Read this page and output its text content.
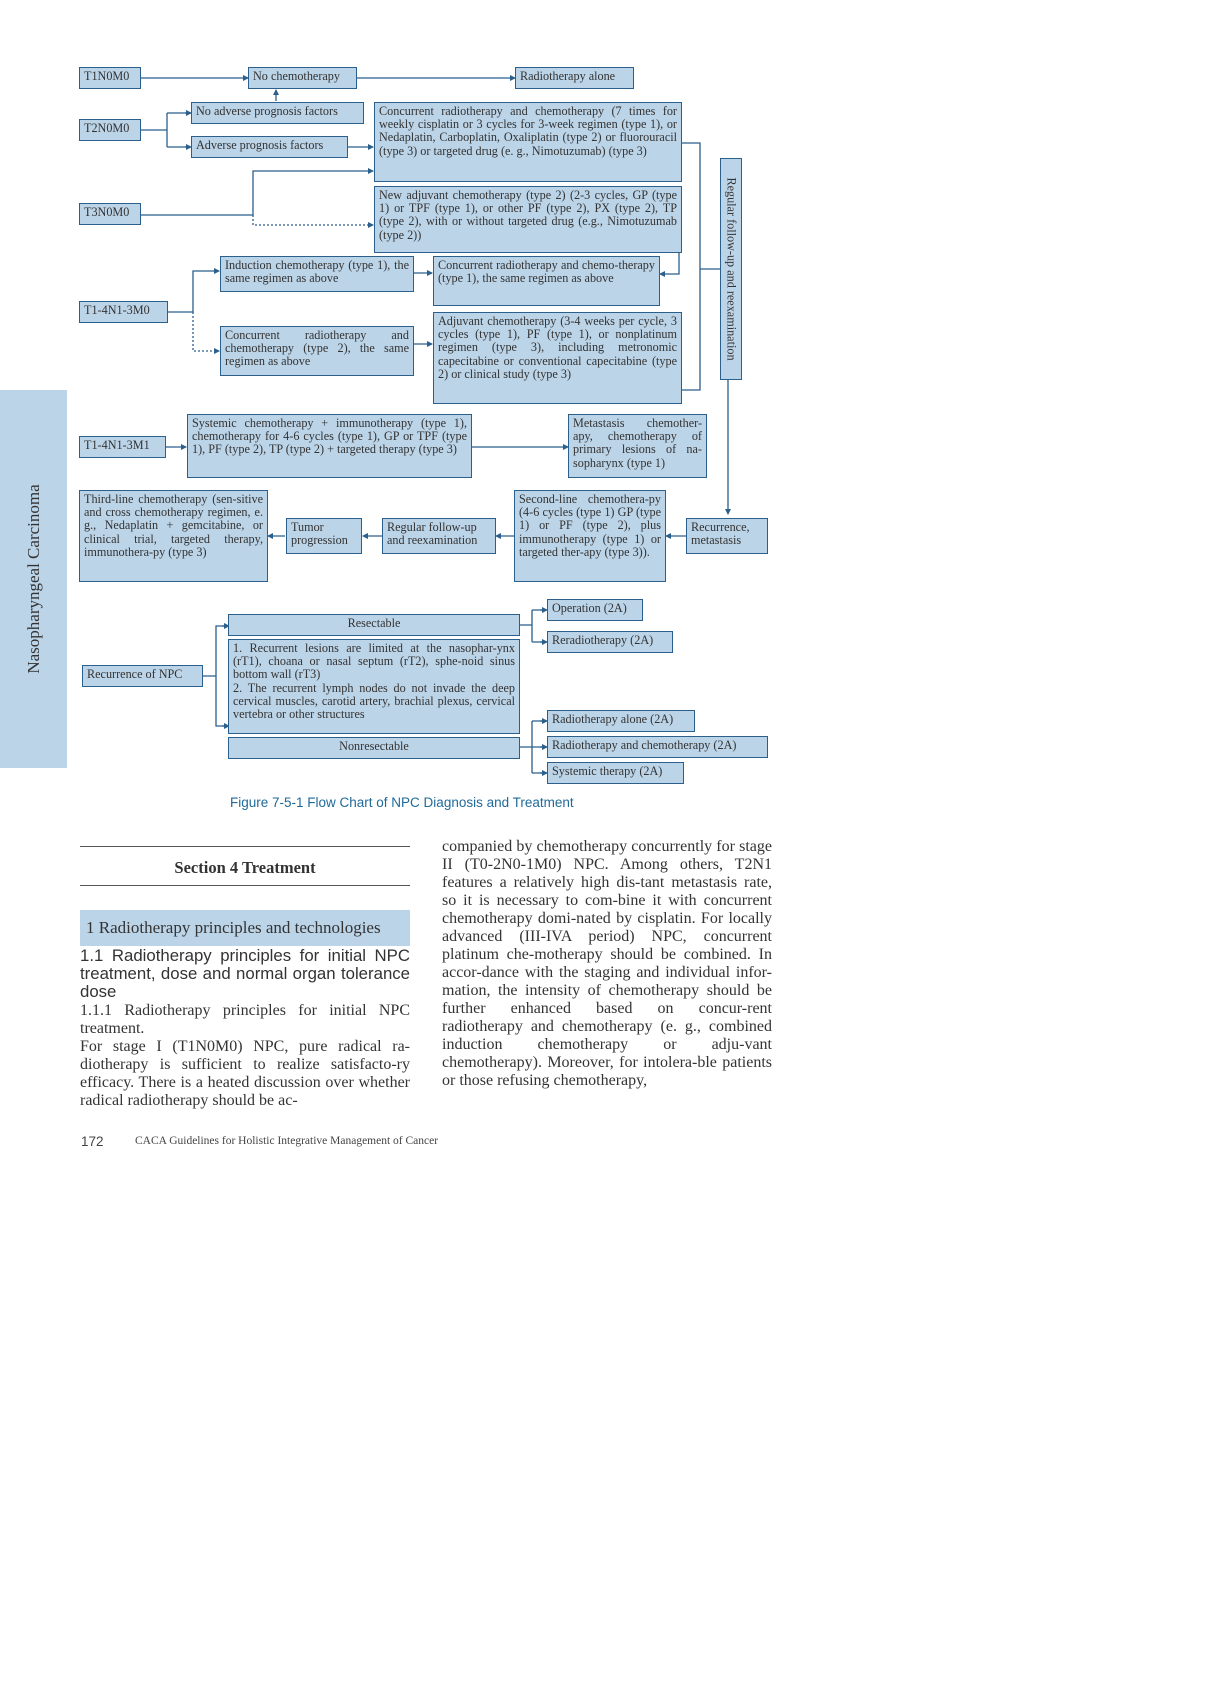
Nasopharyngeal Carcinoma
T1N0M0	No chemotherapy	Radiotherapy alone
T2N0M0
No adverse prognosis factors
Adverse prognosis factors
Concurrent radiotherapy and chemotherapy (7 times for weekly cisplatin or 3 cycles for 3-week regimen (type 1), or Nedaplatin, Carboplatin, Oxaliplatin (type 2) or fluorouracil (type 3) or targeted drug (e. g., Nimotuzumab) (type 3)
T3N0M0
New adjuvant chemotherapy (type 2) (2-3 cycles, GP (type 1) or TPF (type 1), or other PF (type 2), PX (type 2), TP (type 2), with or without targeted drug (e.g., Nimotuzumab (type 2))
T1-4N1-3M0
Induction chemotherapy (type 1), the same regimen as above
Concurrent radiotherapy and chemo-therapy (type 1), the same regimen as above
Concurrent radiotherapy and chemotherapy (type 2), the same regimen as above
Adjuvant chemotherapy (3-4 weeks per cycle, 3 cycles (type 1), PF (type 1), or nonplatinum regimen (type 3), including metronomic capecitabine or conventional capecitabine (type 2) or clinical study (type 3)
Regular follow-up and reexamination
T1-4N1-3M1
Systemic chemotherapy + immunotherapy (type 1), chemotherapy for 4-6 cycles (type 1), GP or TPF (type 1), PF (type 2), TP (type 2) + targeted therapy (type 3)
Metastasis chemother-apy, chemotherapy of primary lesions of na-sopharynx (type 1)
Third-line chemotherapy (sen-sitive and cross chemotherapy regimen, e. g., Nedaplatin + gemcitabine, or clinical trial, targeted therapy, immunothera-py (type 3)
Tumor progression
Regular follow-up and reexamination
Second-line chemothera-py (4-6 cycles (type 1) GP (type 1) or PF (type 2), plus immunotherapy (type 1) or targeted ther-apy (type 3)).
Recurrence, metastasis
Recurrence of NPC
Resectable
1. Recurrent lesions are limited at the nasophar-ynx (rT1), choana or nasal septum (rT2), sphe-noid sinus bottom wall (rT3)
2. The recurrent lymph nodes do not invade the deep cervical muscles, carotid artery, brachial plexus, cervical vertebra or other structures
Nonresectable
Operation (2A)
Reradiotherapy (2A)
Radiotherapy alone (2A)
Radiotherapy and chemotherapy (2A)
Systemic therapy (2A)
Figure 7-5-1 Flow Chart of NPC Diagnosis and Treatment
Section 4 Treatment
1 Radiotherapy principles and technologies
1.1 Radiotherapy principles for initial NPC treatment, dose and normal organ tolerance dose
1.1.1 Radiotherapy principles for initial NPC treatment.
For stage I (T1N0M0) NPC, pure radical ra-diotherapy is sufficient to realize satisfacto-ry efficacy. There is a heated discussion over whether radical radiotherapy should be ac-
companied by chemotherapy concurrently for stage II (T0-2N0-1M0) NPC. Among others, T2N1 features a relatively high dis-tant metastasis rate, so it is necessary to com-bine it with concurrent chemotherapy domi-nated by cisplatin. For locally advanced (III-IVA period) NPC, concurrent platinum che-motherapy should be combined. In accor-dance with the staging and individual infor-mation, the intensity of chemotherapy should be further enhanced based on concur-rent radiotherapy and chemotherapy (e. g., combined induction chemotherapy or adju-vant chemotherapy). Moreover, for intolera-ble patients or those refusing chemotherapy,
172	CACA Guidelines for Holistic Integrative Management of Cancer
